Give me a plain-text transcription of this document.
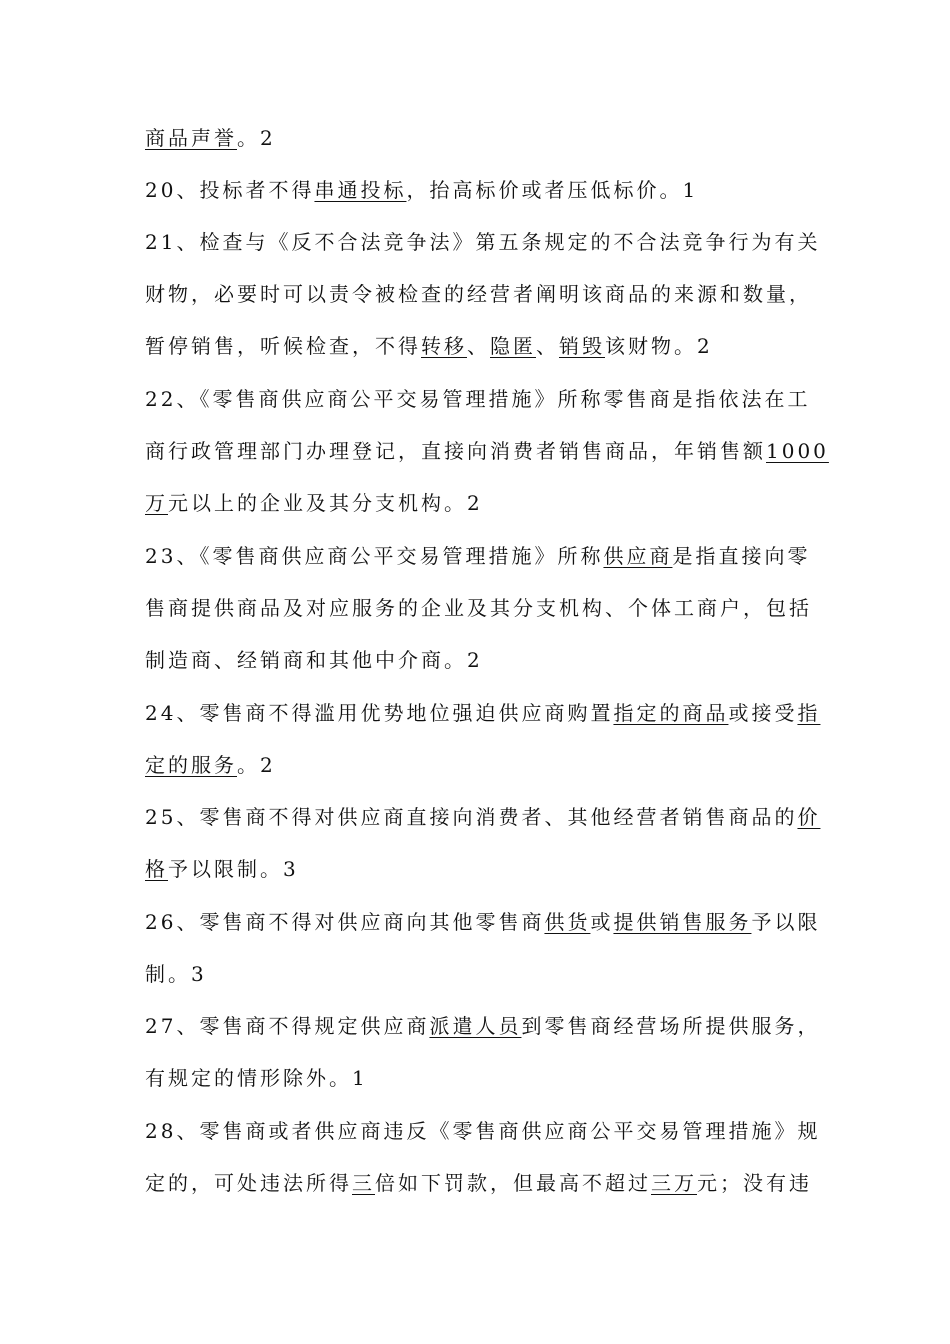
商品声誉。2
20、投标者不得串通投标，抬高标价或者压低标价。1
21、检查与《反不合法竞争法》第五条规定的不合法竞争行为有关
财物，必要时可以责令被检查的经营者阐明该商品的来源和数量，
暂停销售，听候检查，不得转移、隐匿、销毁该财物。2
22、《零售商供应商公平交易管理措施》所称零售商是指依法在工
商行政管理部门办理登记，直接向消费者销售商品，年销售额1000
万元以上的企业及其分支机构。2
23、《零售商供应商公平交易管理措施》所称供应商是指直接向零
售商提供商品及对应服务的企业及其分支机构、个体工商户，包括
制造商、经销商和其他中介商。2
24、零售商不得滥用优势地位强迫供应商购置指定的商品或接受指
定的服务。2
25、零售商不得对供应商直接向消费者、其他经营者销售商品的价
格予以限制。3
26、零售商不得对供应商向其他零售商供货或提供销售服务予以限
制。3
27、零售商不得规定供应商派遣人员到零售商经营场所提供服务，
有规定的情形除外。1
28、零售商或者供应商违反《零售商供应商公平交易管理措施》规
定的，可处违法所得三倍如下罚款，但最高不超过三万元；没有违
